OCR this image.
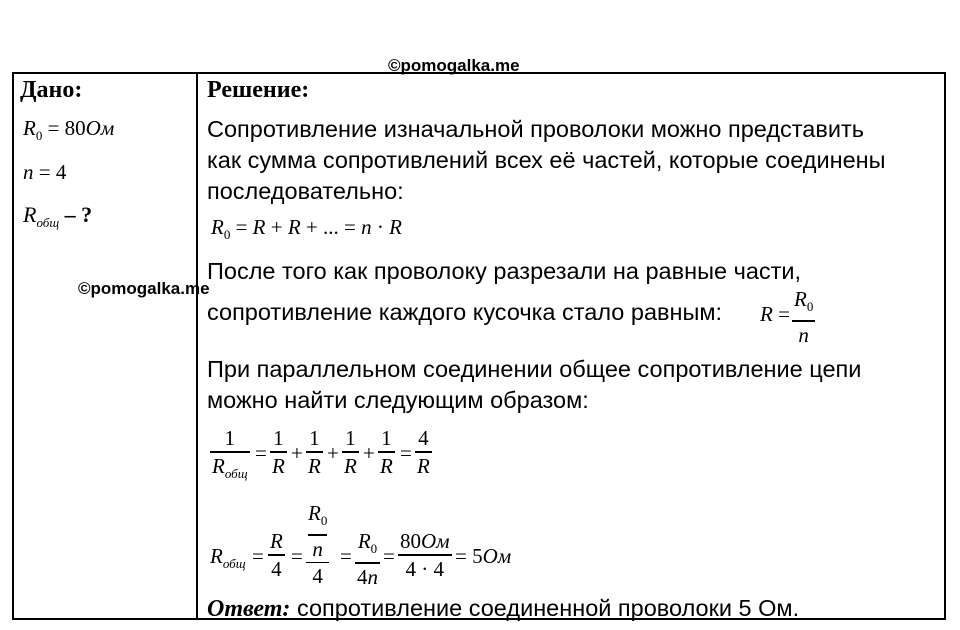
©pomogalka.me
Дано:
$R_0 = 80Ом$
n = 4
$R_{общ}$ – ?
©pomogalka.me
Решение:
Сопротивление изначальной проволоки можно представить
как сумма сопротивлений всех её частей, которые соединены
последовательно:
$R_0 = R + R$ + ... = n · R
После того как проволоку разрезали на равные части,
сопротивление каждого кусочка стало равным: R =
$R_0$
n
При параллельном соединении общее сопротивление цепи
можно найти следующим образом:
1
$R_{общ}$
=
1
R
+
1
R
+
1
R
+
1
R
=
4
R
$R_{общ}$ =
R
4
=
$R_0$
n
4
=
$R_0$
4n
=
80Ом
4 · 4
= 5Ом
Ответ: сопротивление соединенной проволоки 5 Ом.
